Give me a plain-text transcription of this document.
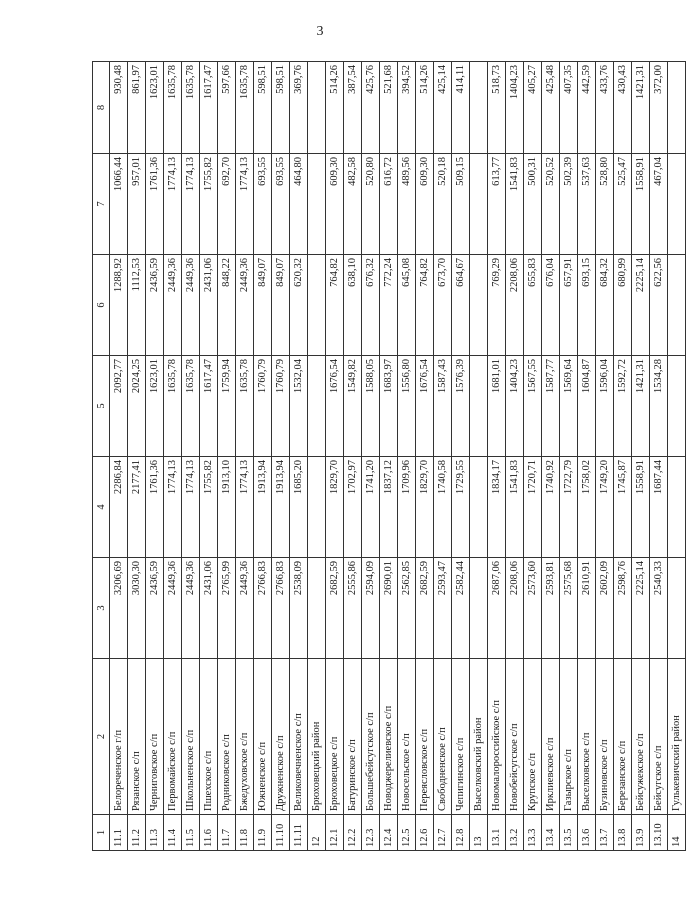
3
1	2	3	4	5	6	7	8
11.1	Белореченское г/п	3206,69	2286,84	2092,77	1288,92	1066,44	930,48
11.2	Рязанское с/п	3030,30	2177,41	2024,25	1112,53	957,01	861,97
11.3	Черниговское с/п	2436,59	1761,36	1623,01	2436,59	1761,36	1623,01
11.4	Первомайское с/п	2449,36	1774,13	1635,78	2449,36	1774,13	1635,78
11.5	Школьненское с/п	2449,36	1774,13	1635,78	2449,36	1774,13	1635,78
11.6	Пшехское с/п	2431,06	1755,82	1617,47	2431,06	1755,82	1617,47
11.7	Родниковское с/п	2765,99	1913,10	1759,94	848,22	692,70	597,66
11.8	Бжедуховское с/п	2449,36	1774,13	1635,78	2449,36	1774,13	1635,78
11.9	Южненское с/п	2766,83	1913,94	1760,79	849,07	693,55	598,51
11.10	Дружненское с/п	2766,83	1913,94	1760,79	849,07	693,55	598,51
11.11	Великовечненское с/п	2538,09	1685,20	1532,04	620,32	464,80	369,76
12	Брюховецкий район						
12.1	Брюховецкое с/п	2682,59	1829,70	1676,54	764,82	609,30	514,26
12.2	Батуринское с/п	2555,86	1702,97	1549,82	638,10	482,58	387,54
12.3	Большебейсугское с/п	2594,09	1741,20	1588,05	676,32	520,80	425,76
12.4	Новоджерелиевское с/п	2690,01	1837,12	1683,97	772,24	616,72	521,68
12.5	Новосельское с/п	2562,85	1709,96	1556,80	645,08	489,56	394,52
12.6	Переясловское с/п	2682,59	1829,70	1676,54	764,82	609,30	514,26
12.7	Свободненское с/п	2593,47	1740,58	1587,43	673,70	520,18	425,14
12.8	Чепигинское с/п	2582,44	1729,55	1576,39	664,67	509,15	414,11
13	Выселковский район						
13.1	Новомалороссийское с/п	2687,06	1834,17	1681,01	769,29	613,77	518,73
13.2	Новобейсугское с/п	2208,06	1541,83	1404,23	2208,06	1541,83	1404,23
13.3	Крупское с/п	2573,60	1720,71	1567,55	655,83	500,31	405,27
13.4	Ирклиевское с/п	2593,81	1740,92	1587,77	676,04	520,52	425,48
13.5	Газырское с/п	2575,68	1722,79	1569,64	657,91	502,39	407,35
13.6	Выселковское с/п	2610,91	1758,02	1604,87	693,15	537,63	442,59
13.7	Бузиновское с/п	2602,09	1749,20	1596,04	684,32	528,80	433,76
13.8	Березанское с/п	2598,76	1745,87	1592,72	680,99	525,47	430,43
13.9	Бейсужекское с/п	2225,14	1558,91	1421,31	2225,14	1558,91	1421,31
13.10	Бейсугское с/п	2540,33	1687,44	1534,28	622,56	467,04	372,00
14	Гулькевичский район						
